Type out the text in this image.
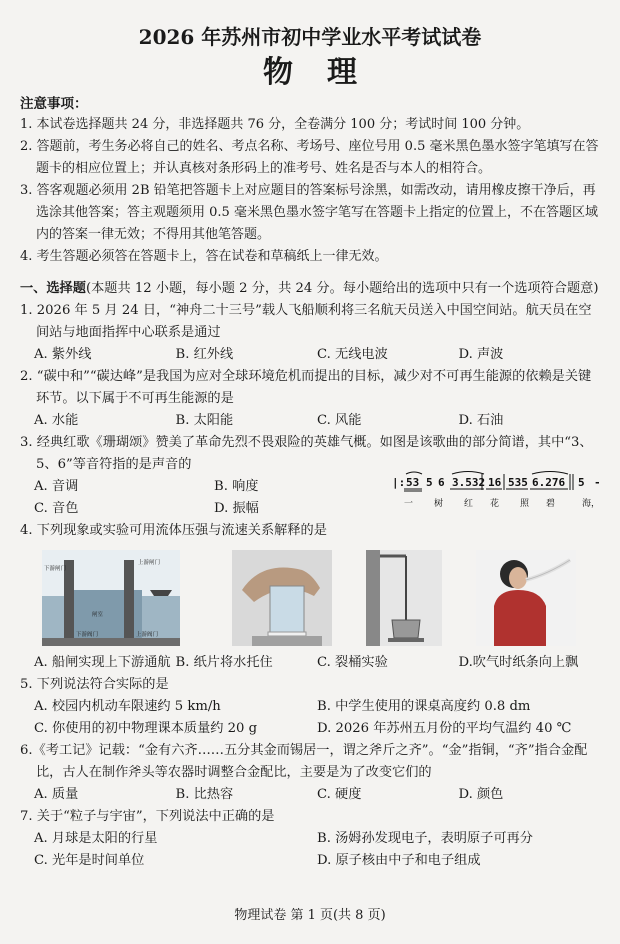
2026 年苏州市初中学业水平考试试卷
物理
注意事项：

1. 本试卷选择题共 24 分，非选择题共 76 分，全卷满分 100 分；考试时间 100 分钟。

2. 答题前，考生务必将自己的姓名、考点名称、考场号、座位号用 0.5 毫米黑色墨水签字笔填写在答题卡的相应位置上；并认真核对条形码上的准考号、姓名是否与本人的相符合。

3. 答客观题必须用 2B 铅笔把答题卡上对应题目的答案标号涂黑，如需改动，请用橡皮擦干净后，再选涂其他答案；答主观题须用 0.5 毫米黑色墨水签字笔写在答题卡上指定的位置上，不在答题区域内的答案一律无效；不得用其他笔答题。

4. 考生答题必须答在答题卡上，答在试卷和草稿纸上一律无效。

一、选择题(本题共 12 小题，每小题 2 分，共 24 分。每小题给出的选项中只有一个选项符合题意)

1. 2026 年 5 月 24 日，“神舟二十三号”载人飞船顺利将三名航天员送入中国空间站。航天员在空间站与地面指挥中心联系是通过

A. 紫外线	B. 红外线	C. 无线电波	D. 声波

2. “碳中和”“碳达峰”是我国为应对全球环境危机而提出的目标，减少对不可再生能源的依赖是关键环节。以下属于不可再生能源的是

A. 水能	B. 太阳能	C. 风能	D. 石油

3. 经典红歌《珊瑚颂》赞美了革命先烈不畏艰险的英雄气概。如图是该歌曲的部分简谱，其中“3、5、6”等音符指的是声音的

A. 音调	B. 响度
C. 音色	D. 振幅
|: 53 5 6 3.532 16 535 6.276 5 -
一 树 红 花 照 碧	海，

4. 下列现象或实验可用流体压强与流速关系解释的是

下游闸门
上游闸门
闸室
下游阀门	上游阀门
A. 船闸实现上下游通航 B. 纸片将水托住	C. 裂桶实验	D.吹气时纸条向上飘

5. 下列说法符合实际的是

A. 校园内机动车限速约 5 km/h	B. 中学生使用的课桌高度约 0.8 dm
C. 你使用的初中物理课本质量约 20 g	D. 2026 年苏州五月份的平均气温约 40 ℃

6.《考工记》记载：“金有六齐……五分其金而锡居一，谓之斧斤之齐”。“金”指铜，“齐”指合金配比，古人在制作斧头等农器时调整合金配比，主要是为了改变它们的

A. 质量	B. 比热容	C. 硬度	D. 颜色

7. 关于“粒子与宇宙”，下列说法中正确的是

A. 月球是太阳的行星	B. 汤姆孙发现电子，表明原子可再分
C. 光年是时间单位	D. 原子核由中子和电子组成
物理试卷 第 1 页(共 8 页)
